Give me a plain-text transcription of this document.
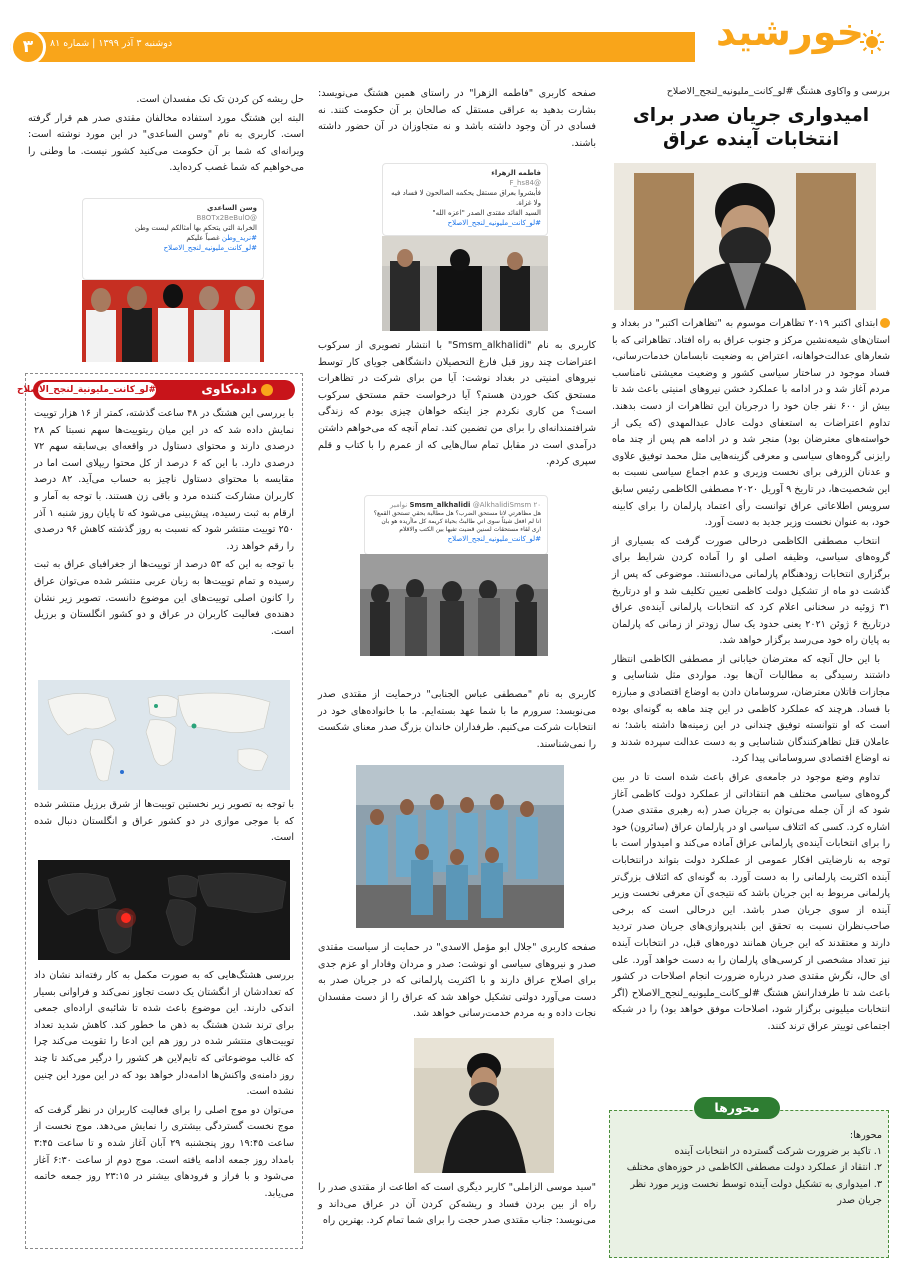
دوشنبه ۳ آذر ۱۳۹۹ | شماره ۸۱
۳	خورشید
بررسی و واکاوی هشتگ #لو_کانت_ملیونیه_لنجح_الاصلاح
امیدواری جریان صدر برای
انتخابات آینده عراق

ابتدای اکتبر ۲۰۱۹ تظاهرات موسوم به "تظاهرات اکتبر" در بغداد و استان‌های شیعه‌نشین مرکز و جنوب عراق به راه افتاد. تظاهراتی که با شعارهای عدالت‌خواهانه، اعتراض به وضعیت نابسامان خدمات‌رسانی، فساد موجود در ساختار سیاسی کشور و وضعیت معیشتی نامناسب مردم آغاز شد و در ادامه با عملکرد خشن نیروهای امنیتی باعث شد تا بیش از ۶۰۰ نفر جان خود را درجریان این تظاهرات از دست بدهند. تداوم اعتراضات به استعفای دولت عادل عبدالمهدی (که یکی از خواسته‌های معترضان بود) منجر شد و در ادامه هم پس از چند ماه رایزنی گروه‌های سیاسی و معرفی گزینه‌هایی مثل محمد توفیق علاوی و عدنان الزرفی برای نخست وزیری و عدم اجماع سیاسی نسبت به این شخصیت‌ها، در تاریخ ۹ آوریل ۲۰۲۰ مصطفی الکاظمی رئیس سابق سرویس اطلاعاتی عراق توانست رأی اعتماد پارلمان را برای کابینه خود، به عنوان نخست وزیر جدید به دست آورد.

انتخاب مصطفی الکاظمی درحالی صورت گرفت که بسیاری از گروه‌های سیاسی، وظیفه اصلی او را آماده کردن شرایط برای برگزاری انتخابات زودهنگام پارلمانی می‌دانستند. موضوعی که پس از گذشت دو ماه از تشکیل دولت کاظمی تعیین تکلیف شد و او درتاریخ ۳۱ ژوئیه در سخنانی اعلام کرد که انتخابات پارلمانی آینده‌ی عراق درتاریخ ۶ ژوئن ۲۰۲۱ یعنی حدود یک سال زودتر از زمانی که پارلمان به پایان راه خود می‌رسد برگزار خواهد شد.

با این حال آنچه که معترضان خیابانی از مصطفی الکاظمی انتظار داشتند رسیدگی به مطالبات آن‌ها بود. مواردی مثل شناسایی و مجازات قاتلان معترضان، سروسامان دادن به اوضاع اقتصادی و مبارزه با فساد. هرچند که عملکرد کاظمی در این چند ماهه به گونه‌ای بوده است که او نتوانسته توفیق چندانی در این زمینه‌ها داشته باشد؛ نه عاملان قتل تظاهرکنندگان شناسایی و به دست عدالت سپرده شدند و نه اوضاع اقتصادی سروسامانی پیدا کرد.

تداوم وضع موجود در جامعه‌ی عراق باعث شده است تا در بین گروه‌های سیاسی مختلف هم انتقاداتی از عملکرد دولت کاظمی آغاز شود که از آن جمله می‌توان به جریان صدر (به رهبری مقتدی صدر) اشاره کرد. کسی که ائتلاف سیاسی او در پارلمان عراق (سائرون) خود را برای انتخابات آینده‌ی پارلمانی عراق آماده می‌کند و امیدوار است با توجه به نارضایتی افکار عمومی از عملکرد دولت بتواند درانتخابات آینده اکثریت پارلمانی را به دست آورد. به گونه‌ای که ائتلاف بزرگ‌تر پارلمانی مربوط به این جریان باشد که نتیجه‌ی آن معرفی نخست وزیر آینده از سوی جریان صدر باشد. این درحالی است که برخی صاحب‌نظران نسبت به تحقق این بلندپروازی‌های جریان صدر تردید دارند و معتقدند که این جریان همانند دوره‌های قبل، در انتخابات آینده نیز تعداد مشخصی از کرسی‌های پارلمان را به دست خواهد آورد. علی ای حال، نگرش مقتدی صدر درباره ضرورت انجام اصلاحات در کشور باعث شد تا طرفدارانش هشتگ #لو_کانت_ملیونیه_لنجح_الاصلاح (اگر انتخابات میلیونی برگزار شود، اصلاحات موفق خواهد بود) را در شبکه اجتماعی توییتر عراق ترند کنند.

محورها
محورها:
۱. تاکید بر ضرورت شرکت گسترده در انتخابات آینده
۲. انتقاد از عملکرد دولت مصطفی الکاظمی در حوزه‌های مختلف
۳. امیدواری به تشکیل دولت آینده توسط نخست وزیر مورد نظر جریان صدر

صفحه کاربری "فاطمه الزهرا" در راستای همین هشتگ می‌نویسد: بشارت بدهید به عراقی مستقل که صالحان بر آن حکومت کنند. نه فسادی در آن وجود داشته باشد و نه متجاوزان در آن حضور داشته باشند.

فاطمه الزهراء
@F_hs84
فأبشروا بعراق مستقل يحكمه الصالحون لا فساد فيه ولا غزاة.
السيد القائد مقتدى الصدر "اعزه الله"
#لو_كانت_مليونيه_لنجح_الاصلاح

کاربری به نام "Smsm_alkhalidi" با انتشار تصویری از سرکوب اعتراضات چند روز قبل فارغ التحصیلان دانشگاهی جویای کار توسط نیروهای امنیتی در بغداد نوشت: آیا من برای شرکت در تظاهرات مستحق کتک خوردن هستم؟ آیا درخواست حقم مستحق سرکوب است؟ من کاری نکردم جز اینکه خواهان چیزی بودم که زندگی شرافتمندانه‌ای را برای من تضمین کند. تمام آنچه که می‌خواهم داشتن درآمدی است در مقابل تمام سال‌هایی که از عمرم را با کتاب و قلم سپری کردم.

Smsm_alkhalidi @AlkhalidiSmsm ۲۰ نوامبر
هل مظاهرتي لانا مستحق الضرب؟ هل مطالبة بحقي تستحق القمع؟ انا لم افعل شيئاً سوى اني طالبتُ بحياة كريمة كل ماأريده هو بان ارى لقاء مستحقات لسنين قضيت تفيها بين الكتب والاقلام
#لو_كانت_مليونيه_لنجح_الاصلاح

کاربری به نام "مصطفی عباس الجنابی" درحمایت از مقتدی صدر می‌نویسد: سرورم ما با شما عهد بسته‌ایم. ما با خانواده‌های خود در انتخابات شرکت می‌کنیم. طرفداران خاندان بزرگ صدر معنای شکست را نمی‌شناسند.

صفحه کاربری "جلال ابو مؤمل الاسدی" در حمایت از سیاست مقتدی صدر و نیروهای سیاسی او نوشت: صدر و مردان وفادار او عزم جدی برای اصلاح عراق دارند و با اکثریت پارلمانی که در جریان صدر به دست می‌آورد دولتی تشکیل خواهد شد که عراق را از دست مفسدان نجات داده و به مردم خدمت‌رسانی خواهد شد.

"سید موسی الزاملی" کاربر دیگری است که اطاعت از مقتدی صدر را راه از بین بردن فساد و ریشه‌کن کردن آن در عراق می‌داند و می‌نویسد: جناب مقتدی صدر حجت را برای شما تمام کرد. بهترین راه

حل ریشه کن کردن تک تک مفسدان است.

البته این هشتگ مورد استفاده مخالفان مقتدی صدر هم قرار گرفته است. کاربری به نام "وسن الساعدی" در این مورد نوشته است: ویرانه‌ای که شما بر آن حکومت می‌کنید کشور نیست. ما وطنی را می‌خواهیم که شما غصب کرده‌اید.

وسن الساعدي
@B8OTx2BeBulO
الخرابة التي يتحكم بها أمثالكم ليست وطن
#نريد_وطن غصباً عليكم
#لو_كانت_مليونيه_لنجح_الاصلاح
داده‌کاوی
#لو_کانت_ملیونیة_لنجح_الاصلاح

با بررسی این هشتگ در ۴۸ ساعت گذشته، کمتر از ۱۶ هزار توییت نمایش داده شد که در این میان ریتوییت‌ها سهم نسبتا کم ۲۸ درصدی دارند و محتوای دستاول در واقعه‌ای بی‌سابقه سهم ۷۲ درصدی دارد. با این که ۶ درصد از کل محتوا ریپلای است اما در مقایسه با محتوای دستاول ناچیز به حساب می‌آید. ۸۲ درصد کاربران مشارکت کننده مرد و باقی زن هستند. با توجه به آمار و ارقام به ثبت رسیده، پیش‌بینی می‌شود که تا پایان روز شنبه ۱ آذر ۲۵۰ توییت منتشر شود که نسبت به روز گذشته کاهش ۹۶ درصدی را رقم خواهد زد.

با توجه به این که ۵۳ درصد از توییت‌ها از جغرافیای عراق به ثبت رسیده و تمام توییت‌ها به زبان عربی منتشر شده می‌توان عراق را کانون اصلی توییت‌های این موضوع دانست. تصویر زیر نشان دهنده‌ی فعالیت کاربران در عراق و دو کشور انگلستان و برزیل است.

با توجه به تصویر زیر نخستین توییت‌ها از شرق برزیل منتشر شده که با موجی موازی در دو کشور عراق و انگلستان دنبال شده است.

بررسی هشتگ‌هایی که به صورت مکمل به کار رفته‌اند نشان داد که تعدادشان از انگشتان یک دست تجاوز نمی‌کند و فراوانی بسیار اندکی دارند. این موضوع باعث شده تا شائبه‌ی اراده‌ای جمعی برای ترند شدن هشتگ به ذهن ما خطور کند. کاهش شدید تعداد توییت‌های منتشر شده در روز هم این ادعا را تقویت می‌کند چرا که غالب موضوعاتی که تایم‌لاین هر کشور را درگیر می‌کند تا چند روز دامنه‌ی واکنش‌ها ادامه‌دار خواهد بود که در این مورد این چنین نشده است.

می‌توان دو موج اصلی را برای فعالیت کاربران در نظر گرفت که موج نخست گستردگی بیشتری را نمایش می‌دهد. موج نخست از ساعت ۱۹:۴۵ روز پنجشنبه ۲۹ آبان آغاز شده و تا ساعت ۳:۴۵ بامداد روز جمعه ادامه یافته است. موج دوم از ساعت ۶:۳۰ آغاز می‌شود و با فراز و فرودهای بیشتر در ۲۳:۱۵ روز جمعه خاتمه می‌یابد.
